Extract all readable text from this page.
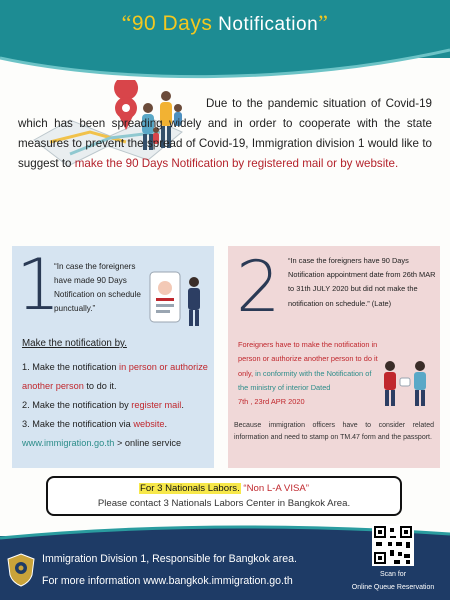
“90 Days Notification”
Due to the pandemic situation of Covid-19 which has been spreading widely and in order to cooperate with the state measures to prevent the spread of Covid-19, Immigration division 1 would like to suggest to make the 90 Days Notification by registered mail or by website.
1
“In case the foreigners have made 90 Days Notification on schedule punctually.”
Make the notification by.
1. Make the notification in person or authorize another person to do it.
2. Make the notification by register mail.
3. Make the notification via website.
www.immigration.go.th > online service
2 “In case the foreigners have 90 Days Notification appointment date from 26th MAR to 31th JULY 2020 but did not make the notification on schedule.” (Late)
Foreigners have to make the notification in person or authorize another person to do it only, in conformity with the Notification of the ministry of interior Dated
7th , 23rd APR 2020
Because immigration officers have to consider related information and need to stamp on TM.47 form and the passport.
For 3 Nationals Labors. “Non L-A VISA”
Please contact 3 Nationals Labors Center in Bangkok Area.
Immigration Division 1, Responsible for Bangkok area.
For more information www.bangkok.immigration.go.th
Scan for
Online Queue Reservation
